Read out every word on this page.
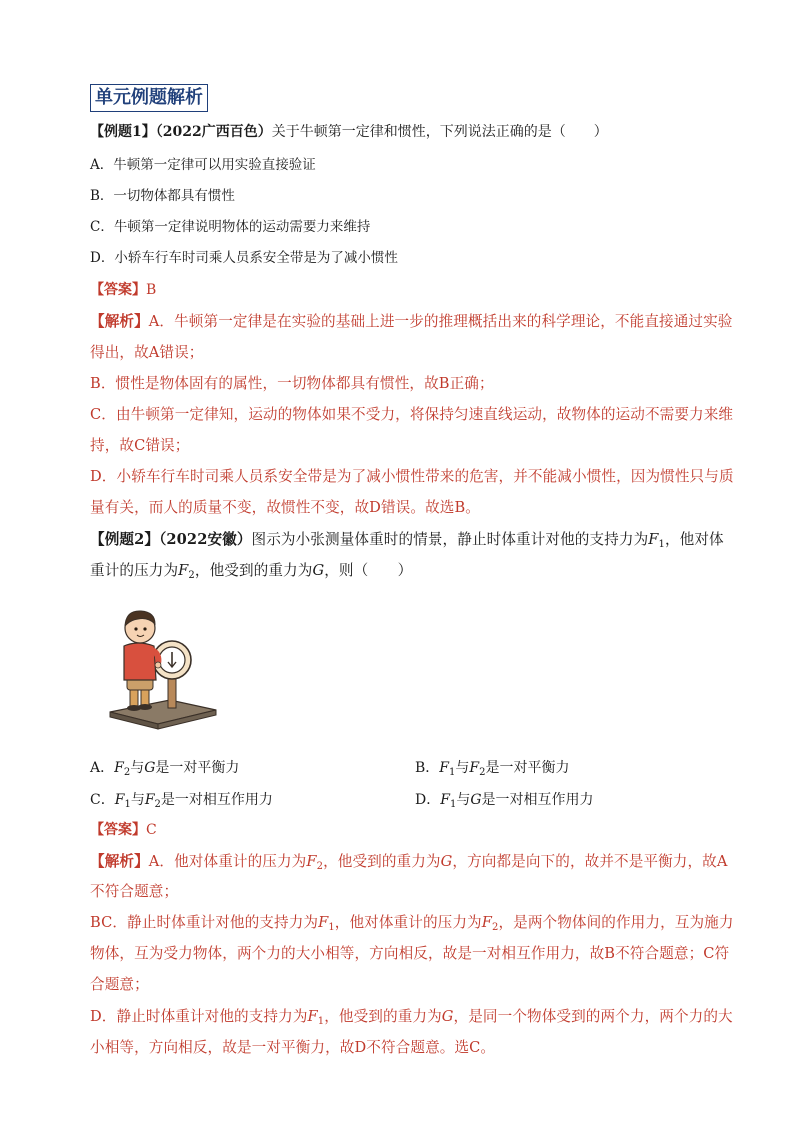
单元例题解析
【例题1】（2022广西百色）关于牛顿第一定律和惯性，下列说法正确的是（　　）
A．牛顿第一定律可以用实验直接验证
B．一切物体都具有惯性
C．牛顿第一定律说明物体的运动需要力来维持
D．小轿车行车时司乘人员系安全带是为了减小惯性
【答案】B
【解析】A．牛顿第一定律是在实验的基础上进一步的推理概括出来的科学理论，不能直接通过实验
得出，故A错误；
B．惯性是物体固有的属性，一切物体都具有惯性，故B正确；
C．由牛顿第一定律知，运动的物体如果不受力，将保持匀速直线运动，故物体的运动不需要力来维
持，故C错误；
D．小轿车行车时司乘人员系安全带是为了减小惯性带来的危害，并不能减小惯性，因为惯性只与质
量有关，而人的质量不变，故惯性不变，故D错误。故选B。
【例题2】（2022安徽）图示为小张测量体重时的情景，静止时体重计对他的支持力为$F_1$，他对体
重计的压力为$F_2$，他受到的重力为G，则（　　）
A．$F_2$与G是一对平衡力	B．$F_1$与$F_2$是一对平衡力
C．$F_1$与$F_2$是一对相互作用力	D．$F_1$与G是一对相互作用力
【答案】C
【解析】A．他对体重计的压力为$F_2$，他受到的重力为G，方向都是向下的，故并不是平衡力，故A
不符合题意；
BC．静止时体重计对他的支持力为$F_1$，他对体重计的压力为$F_2$，是两个物体间的作用力，互为施力
物体，互为受力物体，两个力的大小相等，方向相反，故是一对相互作用力，故B不符合题意；C符
合题意；
D．静止时体重计对他的支持力为$F_1$，他受到的重力为G，是同一个物体受到的两个力，两个力的大
小相等，方向相反，故是一对平衡力，故D不符合题意。选C。
